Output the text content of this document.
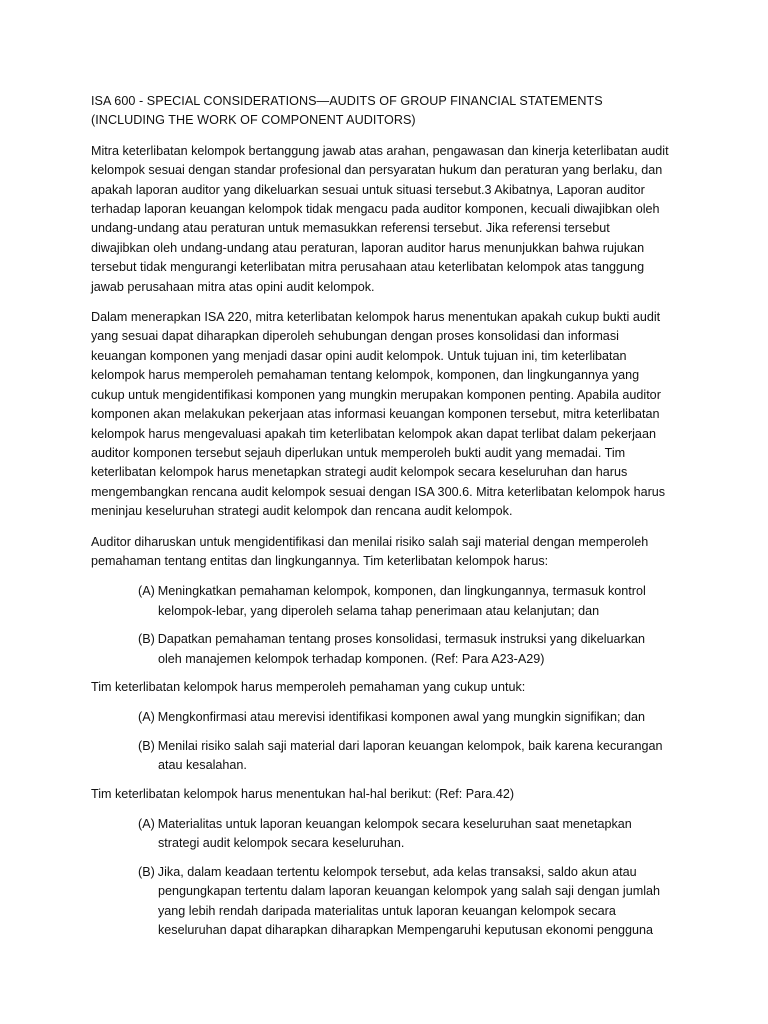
ISA 600 - SPECIAL CONSIDERATIONS—AUDITS OF GROUP FINANCIAL STATEMENTS (INCLUDING THE WORK OF COMPONENT AUDITORS)

Mitra keterlibatan kelompok bertanggung jawab atas arahan, pengawasan dan kinerja keterlibatan audit kelompok sesuai dengan standar profesional dan persyaratan hukum dan peraturan yang berlaku, dan apakah laporan auditor yang dikeluarkan sesuai untuk situasi tersebut.3 Akibatnya, Laporan auditor terhadap laporan keuangan kelompok tidak mengacu pada auditor komponen, kecuali diwajibkan oleh undang-undang atau peraturan untuk memasukkan referensi tersebut. Jika referensi tersebut diwajibkan oleh undang-undang atau peraturan, laporan auditor harus menunjukkan bahwa rujukan tersebut tidak mengurangi keterlibatan mitra perusahaan atau keterlibatan kelompok atas tanggung jawab perusahaan mitra atas opini audit kelompok.

Dalam menerapkan ISA 220, mitra keterlibatan kelompok harus menentukan apakah cukup bukti audit yang sesuai dapat diharapkan diperoleh sehubungan dengan proses konsolidasi dan informasi keuangan komponen yang menjadi dasar opini audit kelompok. Untuk tujuan ini, tim keterlibatan kelompok harus memperoleh pemahaman tentang kelompok, komponen, dan lingkungannya yang cukup untuk mengidentifikasi komponen yang mungkin merupakan komponen penting. Apabila auditor komponen akan melakukan pekerjaan atas informasi keuangan komponen tersebut, mitra keterlibatan kelompok harus mengevaluasi apakah tim keterlibatan kelompok akan dapat terlibat dalam pekerjaan auditor komponen tersebut sejauh diperlukan untuk memperoleh bukti audit yang memadai. Tim keterlibatan kelompok harus menetapkan strategi audit kelompok secara keseluruhan dan harus mengembangkan rencana audit kelompok sesuai dengan ISA 300.6. Mitra keterlibatan kelompok harus meninjau keseluruhan strategi audit kelompok dan rencana audit kelompok.

Auditor diharuskan untuk mengidentifikasi dan menilai risiko salah saji material dengan memperoleh pemahaman tentang entitas dan lingkungannya. Tim keterlibatan kelompok harus:

(A) Meningkatkan pemahaman kelompok, komponen, dan lingkungannya, termasuk kontrol kelompok-lebar, yang diperoleh selama tahap penerimaan atau kelanjutan; dan
(B) Dapatkan pemahaman tentang proses konsolidasi, termasuk instruksi yang dikeluarkan oleh manajemen kelompok terhadap komponen. (Ref: Para A23-A29)

Tim keterlibatan kelompok harus memperoleh pemahaman yang cukup untuk:

(A) Mengkonfirmasi atau merevisi identifikasi komponen awal yang mungkin signifikan; dan
(B) Menilai risiko salah saji material dari laporan keuangan kelompok, baik karena kecurangan atau kesalahan.

Tim keterlibatan kelompok harus menentukan hal-hal berikut: (Ref: Para.42)

(A) Materialitas untuk laporan keuangan kelompok secara keseluruhan saat menetapkan strategi audit kelompok secara keseluruhan.
(B) Jika, dalam keadaan tertentu kelompok tersebut, ada kelas transaksi, saldo akun atau pengungkapan tertentu dalam laporan keuangan kelompok yang salah saji dengan jumlah yang lebih rendah daripada materialitas untuk laporan keuangan kelompok secara keseluruhan dapat diharapkan diharapkan Mempengaruhi keputusan ekonomi pengguna
